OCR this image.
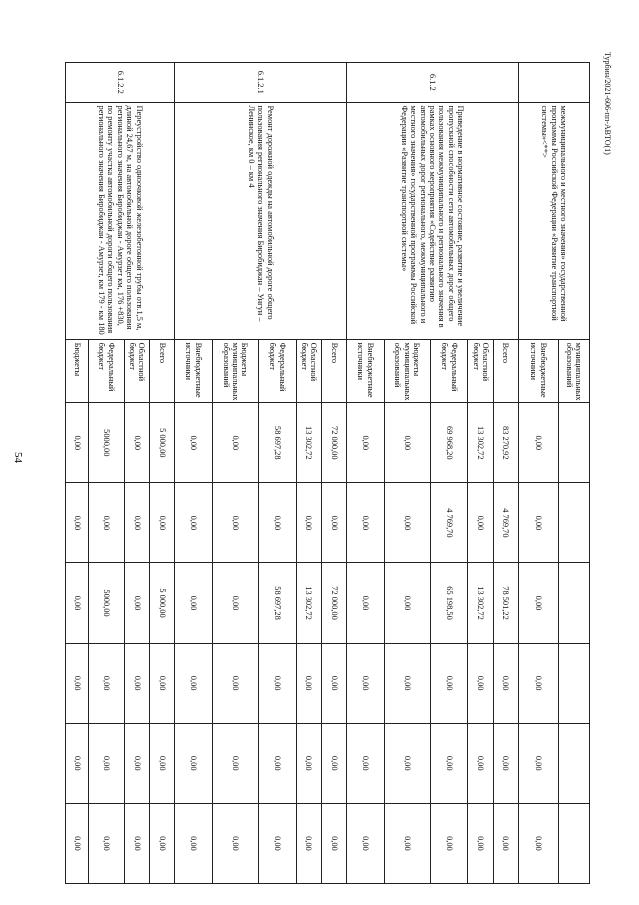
54
Турбин/2021-606-пп-АВТО(1)
	межмуниципального и местного значения» государственной программы Российской Федерации «Развитие транспортной системы»<**>	муниципальных образований						
		Внебюджетные источники	0,00	0,00	0,00	0,00	0,00	0,00
6.1.2	Приведение в нормативное состояние, развитие и увеличение пропускной способности сети автомобильных дорог общего пользования межмуниципального и регионального значения в рамках основного мероприятия «Содействие развитию автомобильных дорог регионального, межмуниципального и местного значения» государственной программы Российской Федерации «Развитие транспортной системы»	Всего	83 270,92	4 769,70	78 501,22	0,00	0,00	0,00
		Областной бюджет	13 302,72	0,00	13 302,72	0,00	0,00	0,00
		Федеральный бюджет	69 968,20	4 769,70	65 198,50	0,00	0,00	0,00
		Бюджеты муниципальных образований	0,00	0,00	0,00	0,00	0,00	0,00
		Внебюджетные источники	0,00	0,00	0,00	0,00	0,00	0,00
6.1.2.1	Ремонт дорожной одежды на автомобильной дороге общего пользования регионального значения Биробиджан – Унгун – Ленинское, км 0 – км 4	Всего	72 000,00	0,00	72 000,00	0,00	0,00	0,00
		Областной бюджет	13 302,72	0,00	13 302,72	0,00	0,00	0,00
		Федеральный бюджет	58 697,28	0,00	58 697,28	0,00	0,00	0,00
		Бюджеты муниципальных образований	0,00	0,00	0,00	0,00	0,00	0,00
		Внебюджетные источники	0,00	0,00	0,00	0,00	0,00	0,00
6.1.2.2	Переустройство одноочковой железобетонной трубы отв.1,5 м, длиной 24,67 м, на автомобильной дороге общего пользования регионального значения Биробиджан - Амурзет км, 176 +830, по ремонту участка автомобильной дороги общего пользования регионального значения Биробиджан - Амурзет, км 179 - км 180	Всего	5 000,00	0,00	5 000,00	0,00	0,00	0,00
		Областной бюджет	0,00	0,00	0,00	0,00	0,00	0,00
		Федеральный бюджет	5000,00	0,00	5000,00	0,00	0,00	0,00
		Бюджеты	0,00	0,00	0,00	0,00	0,00	0,00
